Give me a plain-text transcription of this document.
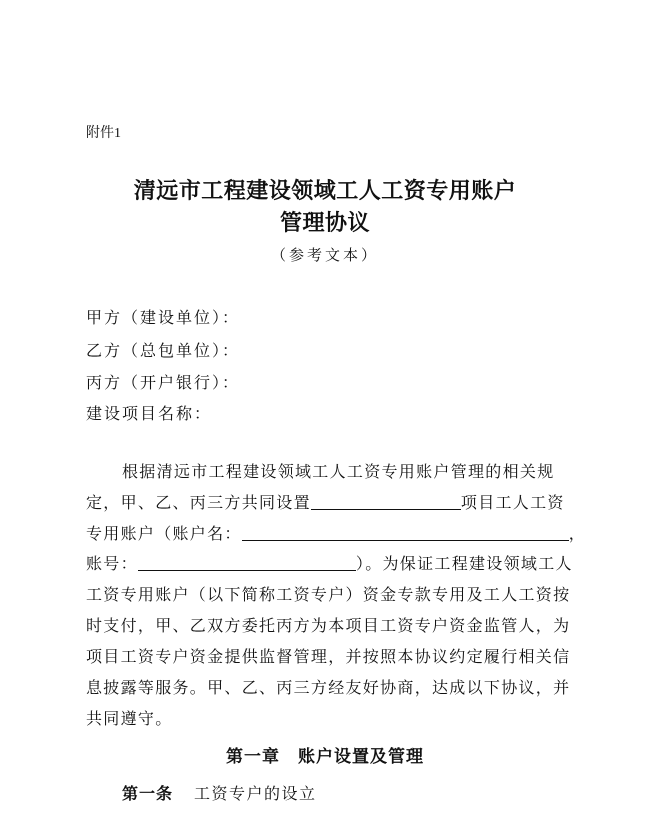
附件1
清远市工程建设领域工人工资专用账户
管理协议
（参考文本）
甲方（建设单位）：
乙方（总包单位）：
丙方（开户银行）：
建设项目名称：
根据清远市工程建设领域工人工资专用账户管理的相关规
定，甲、乙、丙三方共同设置	项目工人工资
专用账户（账户名：	，
账号：	）。为保证工程建设领域工人
工资专用账户（以下简称工资专户）资金专款专用及工人工资按
时支付，甲、乙双方委托丙方为本项目工资专户资金监管人，为
项目工资专户资金提供监督管理，并按照本协议约定履行相关信
息披露等服务。甲、乙、丙三方经友好协商，达成以下协议，并
共同遵守。
第一章　账户设置及管理
第一条 工资专户的设立
